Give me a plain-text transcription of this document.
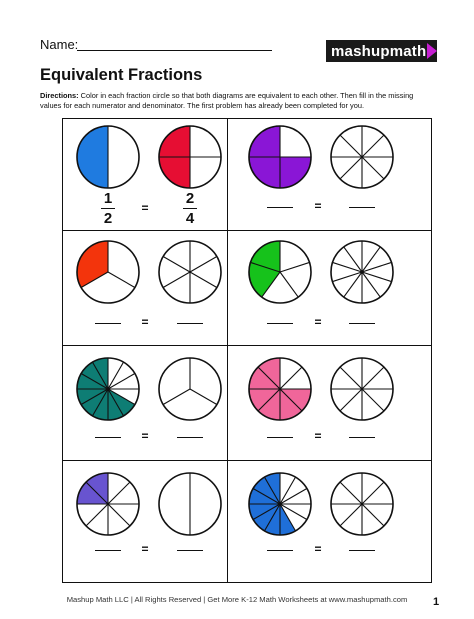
Name:	mashupmath
Equivalent Fractions
Directions: Color in each fraction circle so that both diagrams are equivalent to each other. Then fill in the missing values for each numerator and denominator. The first problem has already been completed for you.
1
2
2
4
=	=
=	=
=	=
=	=
Mashup Math LLC | All Rights Reserved | Get More K-12 Math Worksheets at www.mashupmath.com	1
